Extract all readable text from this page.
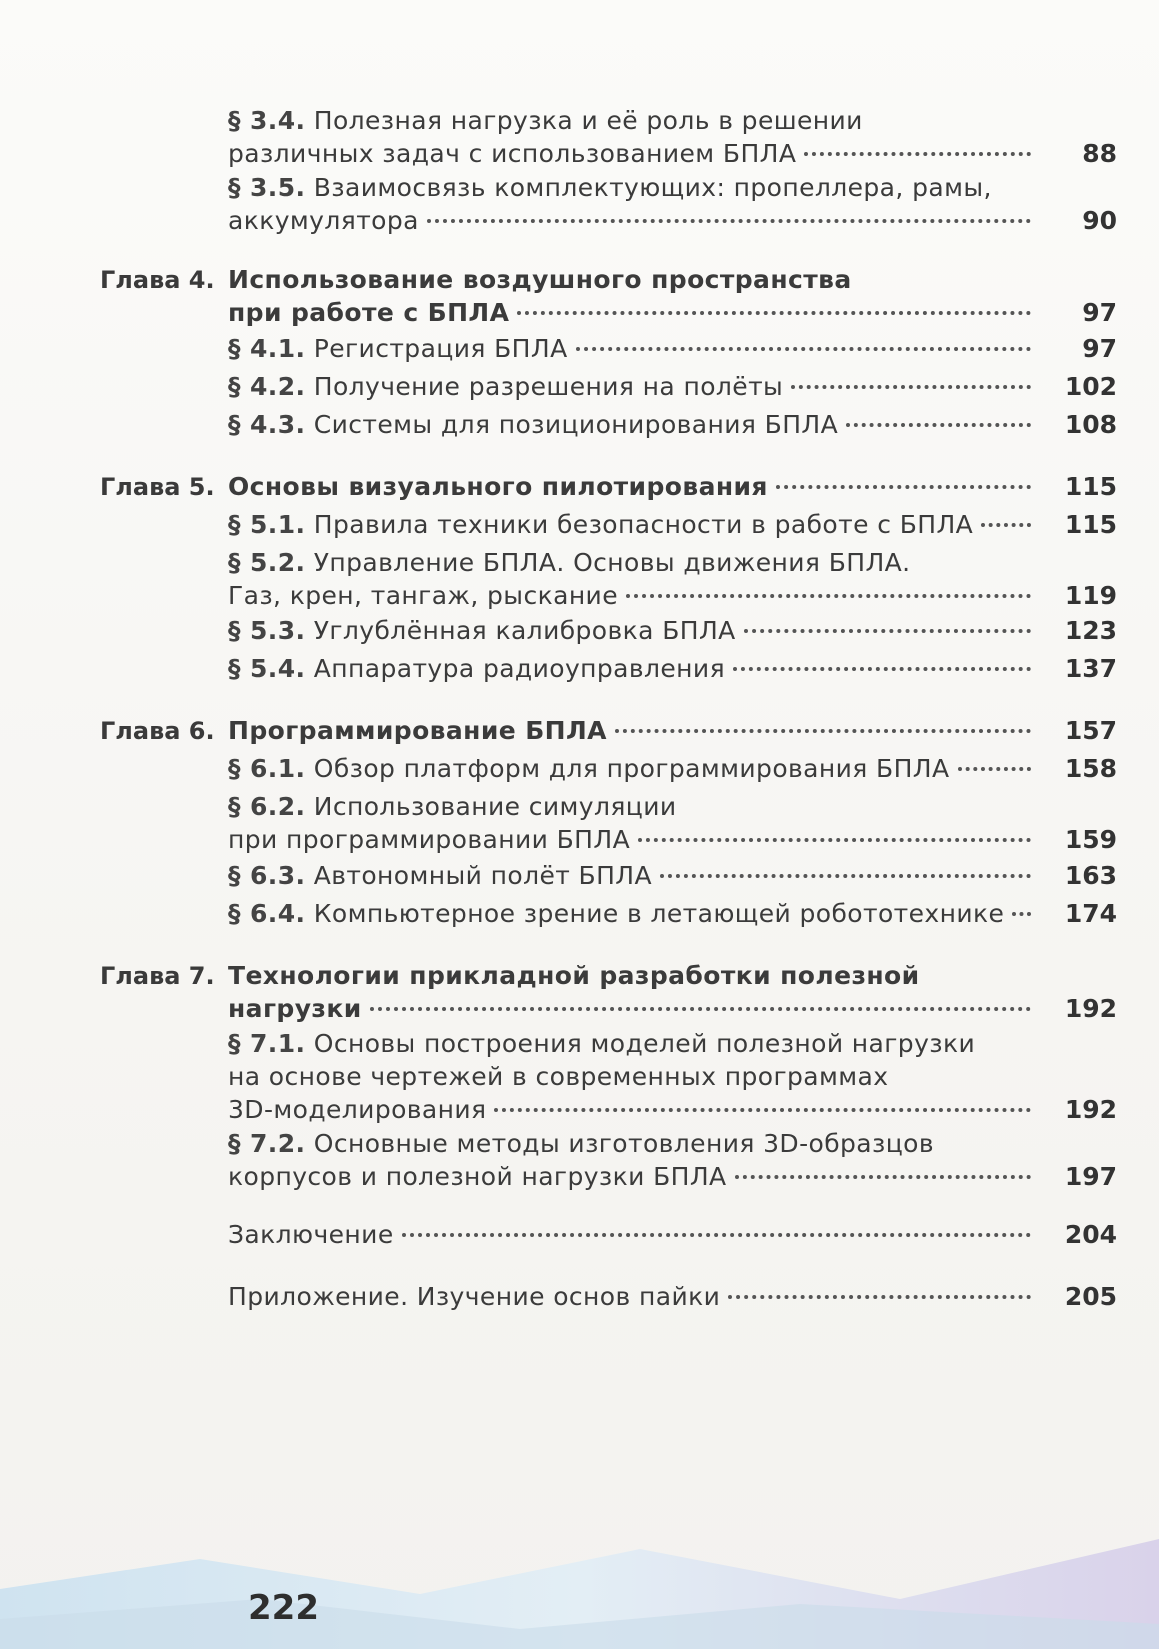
§ 3.4. Полезная нагрузка и её роль в решении
различных задач с использованием БПЛА	88
§ 3.5. Взаимосвязь комплектующих: пропеллера, рамы,
аккумулятора	90
Глава 4. Использование воздушного пространства
при работе с БПЛА	97
§ 4.1. Регистрация БПЛА	97
§ 4.2. Получение разрешения на полёты	102
§ 4.3. Системы для позиционирования БПЛА	108
Глава 5. Основы визуального пилотирования	115
§ 5.1. Правила техники безопасности в работе с БПЛА	115
§ 5.2. Управление БПЛА. Основы движения БПЛА.
Газ, крен, тангаж, рыскание	119
§ 5.3. Углублённая калибровка БПЛА	123
§ 5.4. Аппаратура радиоуправления	137
Глава 6. Программирование БПЛА	157
§ 6.1. Обзор платформ для программирования БПЛА	158
§ 6.2. Использование симуляции
при программировании БПЛА	159
§ 6.3. Автономный полёт БПЛА	163
§ 6.4. Компьютерное зрение в летающей робототехнике	174
Глава 7. Технологии прикладной разработки полезной
нагрузки	192
§ 7.1. Основы построения моделей полезной нагрузки
на основе чертежей в современных программах
3D-моделирования	192
§ 7.2. Основные методы изготовления 3D-образцов
корпусов и полезной нагрузки БПЛА	197
Заключение	204
Приложение. Изучение основ пайки	205
222
